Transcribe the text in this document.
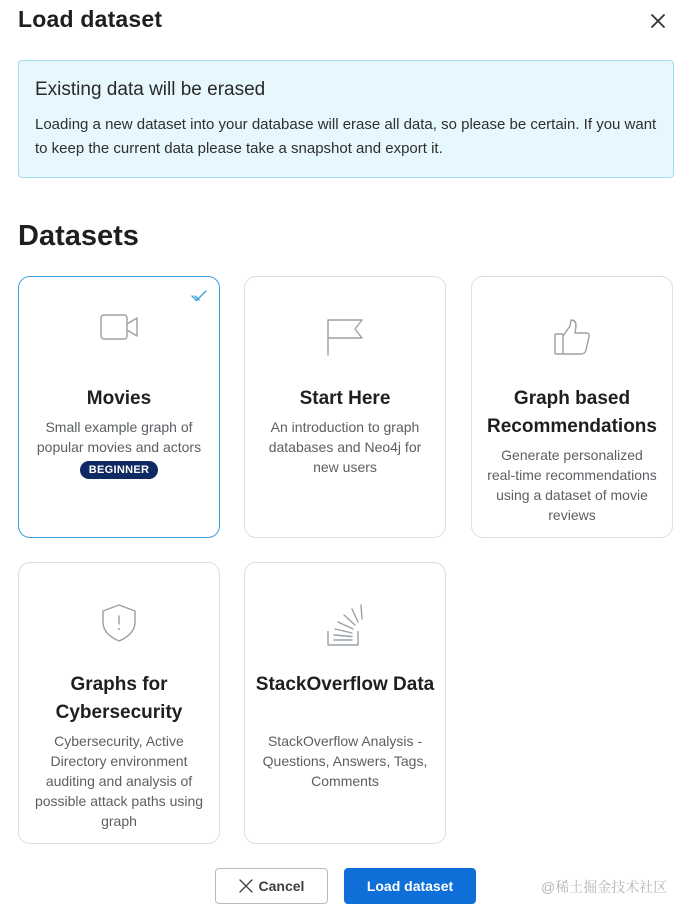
Load dataset
Existing data will be erased
Loading a new dataset into your database will erase all data, so please be certain. If you want to keep the current data please take a snapshot and export it.
Datasets
Movies
Small example graph of popular movies and actors
BEGINNER
Start Here
An introduction to graph databases and Neo4j for new users
Graph based Recommendations
Generate personalized real-time recommendations using a dataset of movie reviews
Graphs for Cybersecurity
Cybersecurity, Active Directory environment auditing and analysis of possible attack paths using graph
StackOverflow Data
StackOverflow Analysis - Questions, Answers, Tags, Comments
Cancel	Load dataset	@稀土掘金技术社区
